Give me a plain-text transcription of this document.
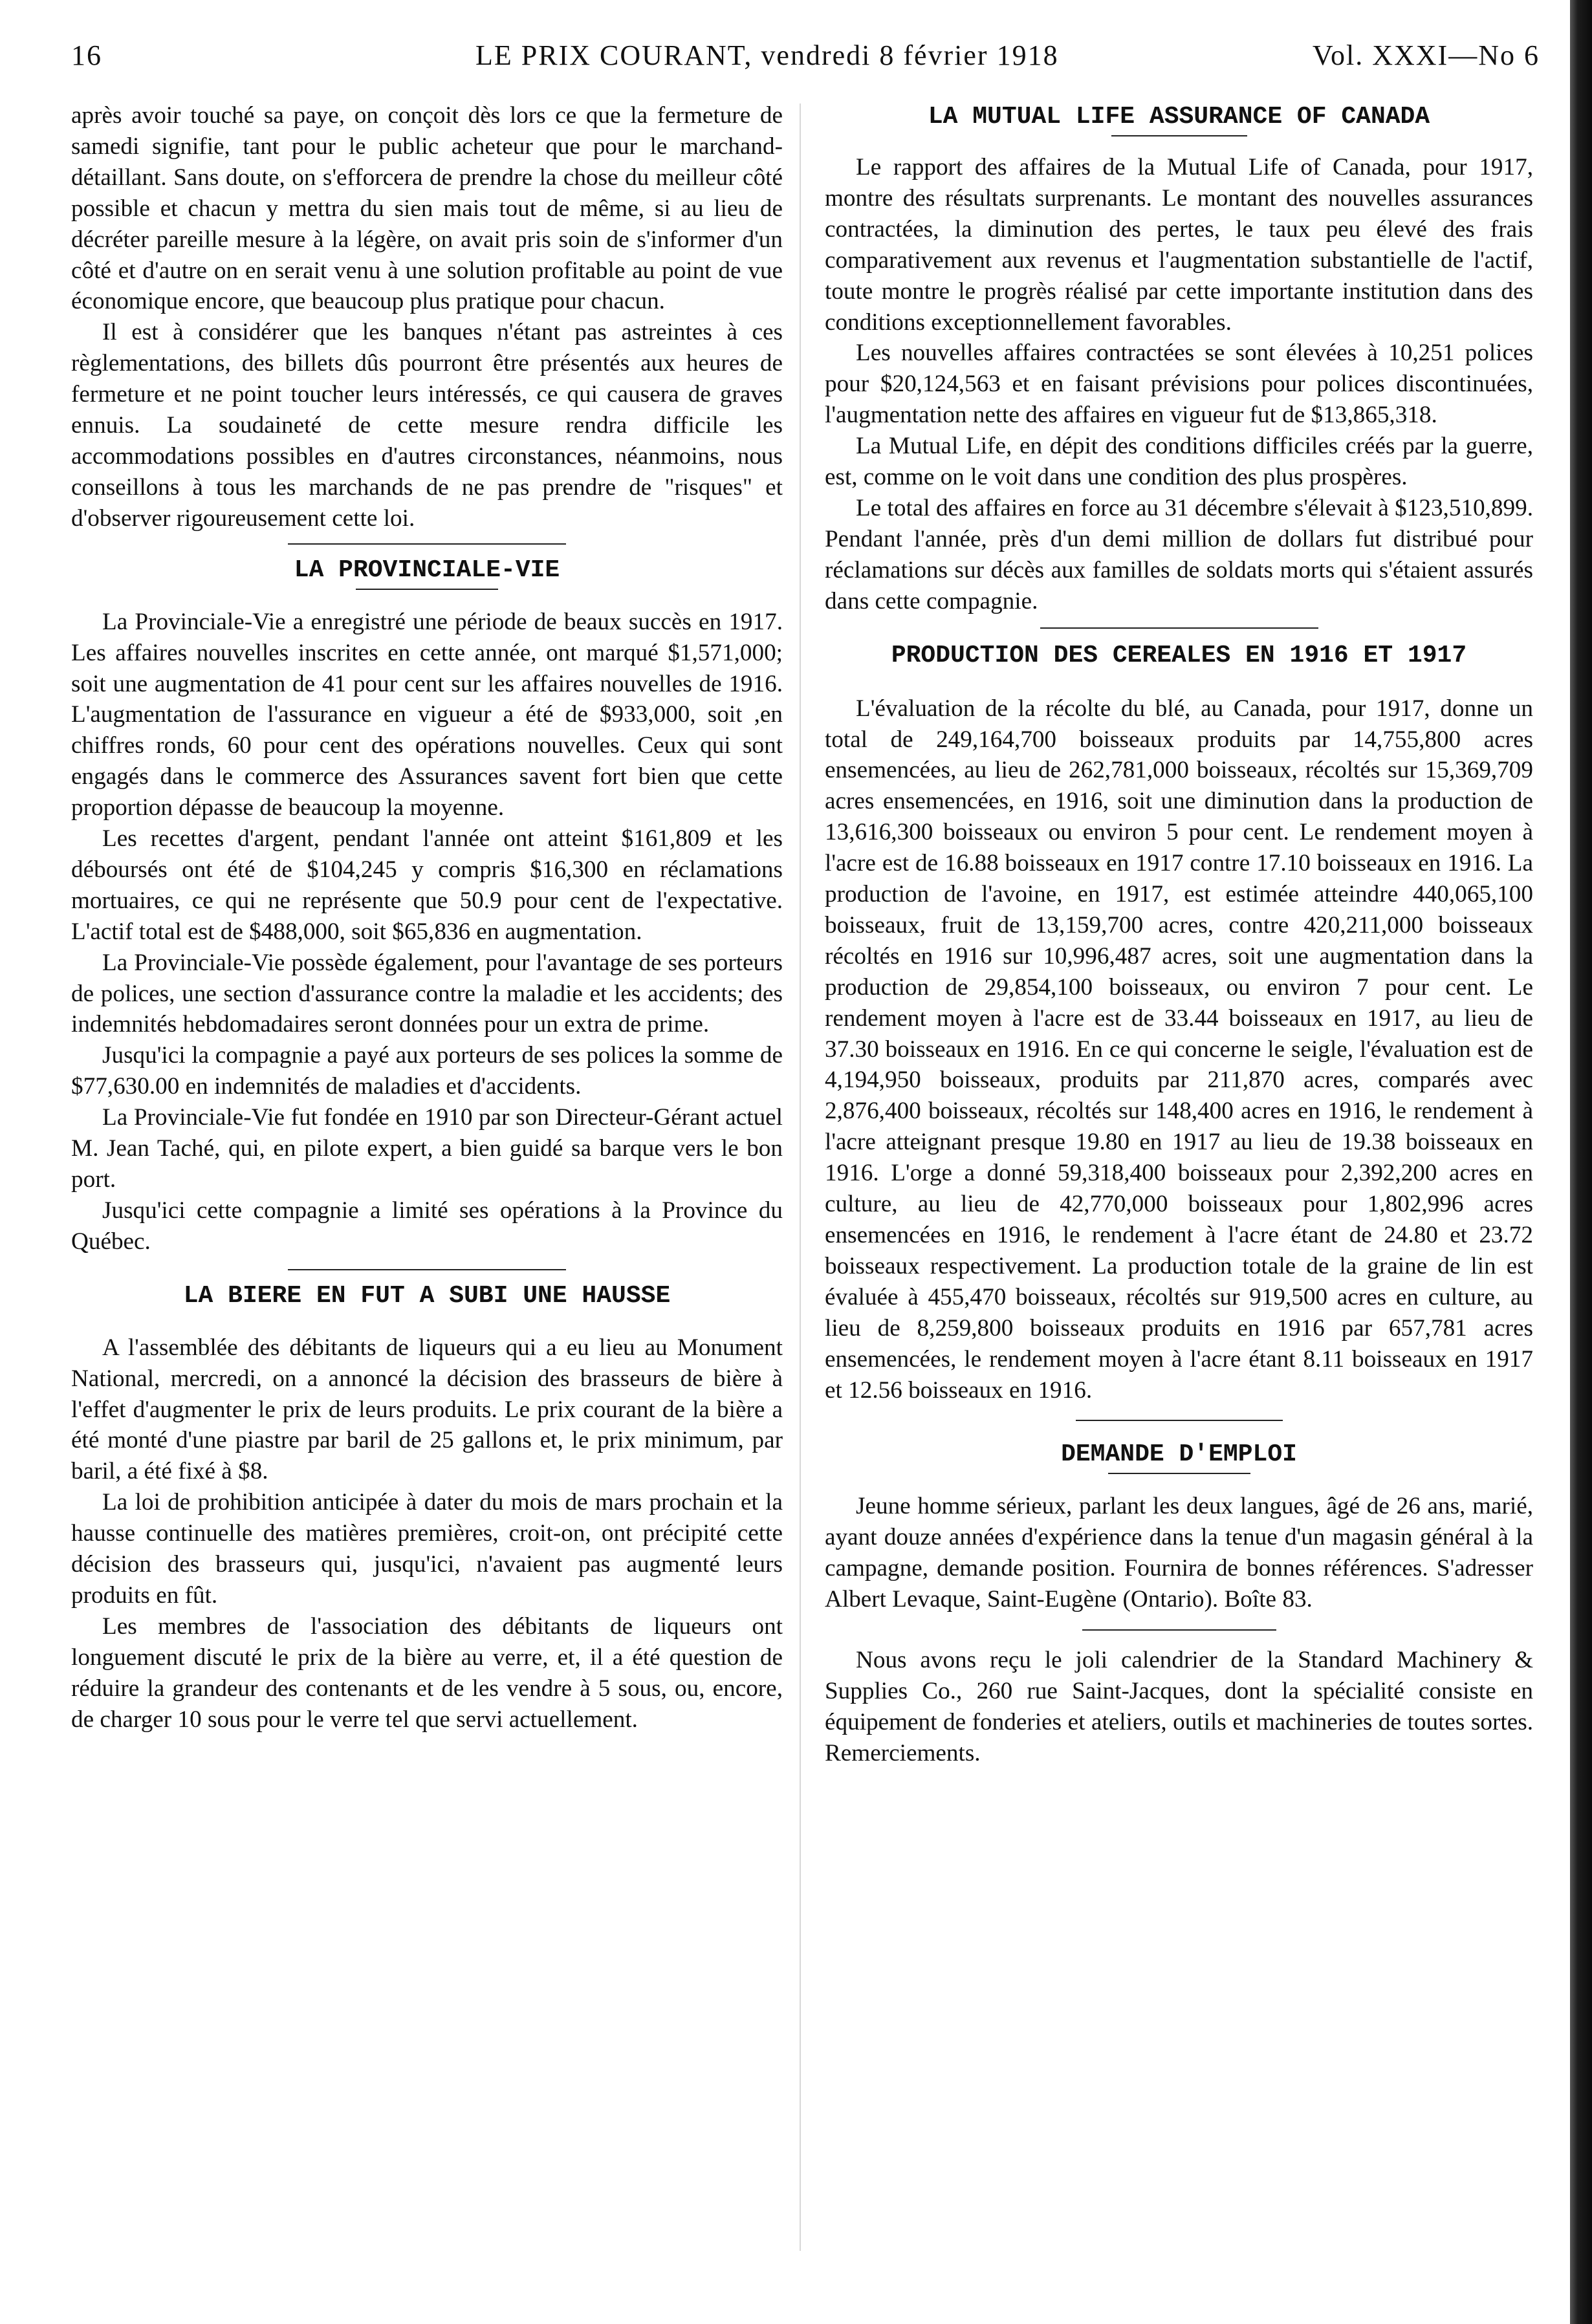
16	LE PRIX COURANT, vendredi 8 février 1918	Vol. XXXI—No 6

après avoir touché sa paye, on conçoit dès lors ce que la fermeture de samedi signifie, tant pour le public acheteur que pour le marchand-détaillant. Sans doute, on s'efforcera de prendre la chose du meilleur côté possible et chacun y mettra du sien mais tout de même, si au lieu de décréter pareille mesure à la légère, on avait pris soin de s'informer d'un côté et d'autre on en serait venu à une solution profitable au point de vue économique encore, que beaucoup plus pratique pour chacun.

Il est à considérer que les banques n'étant pas astreintes à ces règlementations, des billets dûs pourront être présentés aux heures de fermeture et ne point toucher leurs intéressés, ce qui causera de graves ennuis. La soudaineté de cette mesure rendra difficile les accommodations possibles en d'autres circonstances, néanmoins, nous conseillons à tous les marchands de ne pas prendre de "risques" et d'observer rigoureusement cette loi.

LA PROVINCIALE-VIE

La Provinciale-Vie a enregistré une période de beaux succès en 1917. Les affaires nouvelles inscrites en cette année, ont marqué $1,571,000; soit une augmentation de 41 pour cent sur les affaires nouvelles de 1916. L'augmentation de l'assurance en vigueur a été de $933,000, soit ,en chiffres ronds, 60 pour cent des opérations nouvelles. Ceux qui sont engagés dans le commerce des Assurances savent fort bien que cette proportion dépasse de beaucoup la moyenne.

Les recettes d'argent, pendant l'année ont atteint $161,809 et les déboursés ont été de $104,245 y compris $16,300 en réclamations mortuaires, ce qui ne représente que 50.9 pour cent de l'expectative. L'actif total est de $488,000, soit $65,836 en augmentation.

La Provinciale-Vie possède également, pour l'avantage de ses porteurs de polices, une section d'assurance contre la maladie et les accidents; des indemnités hebdomadaires seront données pour un extra de prime.

Jusqu'ici la compagnie a payé aux porteurs de ses polices la somme de $77,630.00 en indemnités de maladies et d'accidents.

La Provinciale-Vie fut fondée en 1910 par son Directeur-Gérant actuel M. Jean Taché, qui, en pilote expert, a bien guidé sa barque vers le bon port.

Jusqu'ici cette compagnie a limité ses opérations à la Province du Québec.

LA BIERE EN FUT A SUBI UNE HAUSSE

A l'assemblée des débitants de liqueurs qui a eu lieu au Monument National, mercredi, on a annoncé la décision des brasseurs de bière à l'effet d'augmenter le prix de leurs produits. Le prix courant de la bière a été monté d'une piastre par baril de 25 gallons et, le prix minimum, par baril, a été fixé à $8.

La loi de prohibition anticipée à dater du mois de mars prochain et la hausse continuelle des matières premières, croit-on, ont précipité cette décision des brasseurs qui, jusqu'ici, n'avaient pas augmenté leurs produits en fût.

Les membres de l'association des débitants de liqueurs ont longuement discuté le prix de la bière au verre, et, il a été question de réduire la grandeur des contenants et de les vendre à 5 sous, ou, encore, de charger 10 sous pour le verre tel que servi actuellement.

LA MUTUAL LIFE ASSURANCE OF CANADA

Le rapport des affaires de la Mutual Life of Canada, pour 1917, montre des résultats surprenants. Le montant des nouvelles assurances contractées, la diminution des pertes, le taux peu élevé des frais comparativement aux revenus et l'augmentation substantielle de l'actif, toute montre le progrès réalisé par cette importante institution dans des conditions exceptionnellement favorables.

Les nouvelles affaires contractées se sont élevées à 10,251 polices pour $20,124,563 et en faisant prévisions pour polices discontinuées, l'augmentation nette des affaires en vigueur fut de $13,865,318.

La Mutual Life, en dépit des conditions difficiles créés par la guerre, est, comme on le voit dans une condition des plus prospères.

Le total des affaires en force au 31 décembre s'élevait à $123,510,899. Pendant l'année, près d'un demi million de dollars fut distribué pour réclamations sur décès aux familles de soldats morts qui s'étaient assurés dans cette compagnie.

PRODUCTION DES CEREALES EN 1916 ET 1917

L'évaluation de la récolte du blé, au Canada, pour 1917, donne un total de 249,164,700 boisseaux produits par 14,755,800 acres ensemencées, au lieu de 262,781,000 boisseaux, récoltés sur 15,369,709 acres ensemencées, en 1916, soit une diminution dans la production de 13,616,300 boisseaux ou environ 5 pour cent. Le rendement moyen à l'acre est de 16.88 boisseaux en 1917 contre 17.10 boisseaux en 1916. La production de l'avoine, en 1917, est estimée atteindre 440,065,100 boisseaux, fruit de 13,159,700 acres, contre 420,211,000 boisseaux récoltés en 1916 sur 10,996,487 acres, soit une augmentation dans la production de 29,854,100 boisseaux, ou environ 7 pour cent. Le rendement moyen à l'acre est de 33.44 boisseaux en 1917, au lieu de 37.30 boisseaux en 1916. En ce qui concerne le seigle, l'évaluation est de 4,194,950 boisseaux, produits par 211,870 acres, comparés avec 2,876,400 boisseaux, récoltés sur 148,400 acres en 1916, le rendement à l'acre atteignant presque 19.80 en 1917 au lieu de 19.38 boisseaux en 1916. L'orge a donné 59,318,400 boisseaux pour 2,392,200 acres en culture, au lieu de 42,770,000 boisseaux pour 1,802,996 acres ensemencées en 1916, le rendement à l'acre étant de 24.80 et 23.72 boisseaux respectivement. La production totale de la graine de lin est évaluée à 455,470 boisseaux, récoltés sur 919,500 acres en culture, au lieu de 8,259,800 boisseaux produits en 1916 par 657,781 acres ensemencées, le rendement moyen à l'acre étant 8.11 boisseaux en 1917 et 12.56 boisseaux en 1916.

DEMANDE D'EMPLOI

Jeune homme sérieux, parlant les deux langues, âgé de 26 ans, marié, ayant douze années d'expérience dans la tenue d'un magasin général à la campagne, demande position. Fournira de bonnes références. S'adresser Albert Levaque, Saint-Eugène (Ontario). Boîte 83.

Nous avons reçu le joli calendrier de la Standard Machinery & Supplies Co., 260 rue Saint-Jacques, dont la spécialité consiste en équipement de fonderies et ateliers, outils et machineries de toutes sortes. Remerciements.
